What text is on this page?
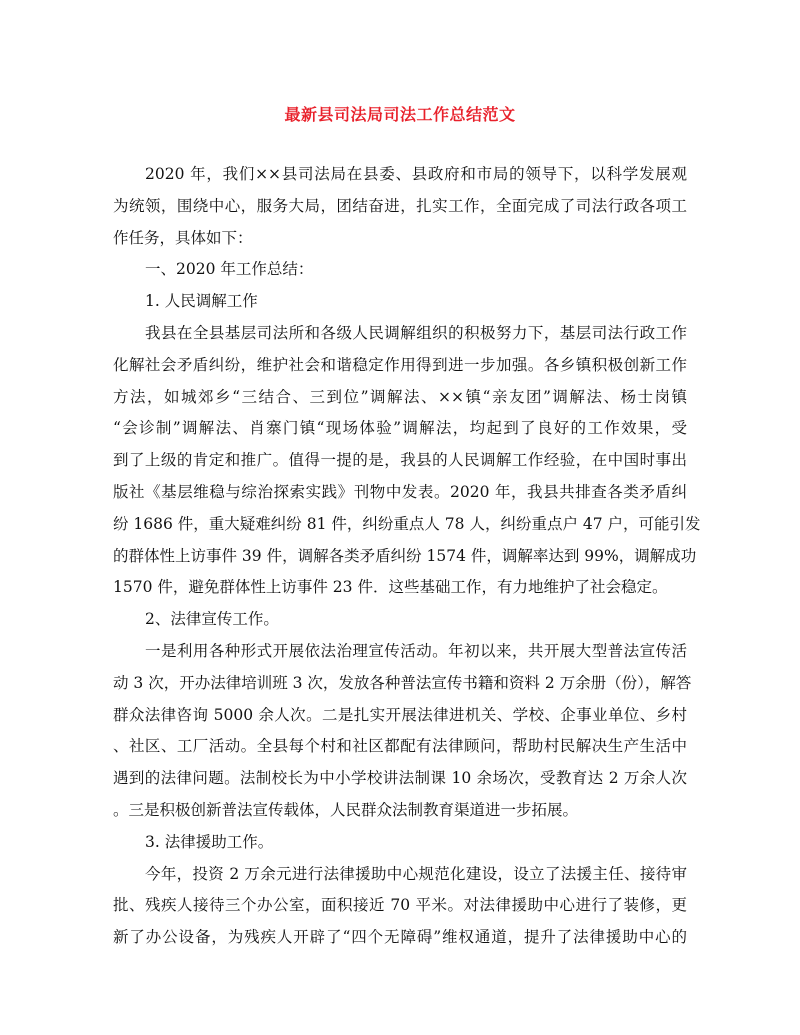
最新县司法局司法工作总结范文
2020 年，我们××县司法局在县委、县政府和市局的领导下，以科学发展观
为统领，围绕中心，服务大局，团结奋进，扎实工作，全面完成了司法行政各项工
作任务，具体如下：
一、2020 年工作总结：
1. 人民调解工作
我县在全县基层司法所和各级人民调解组织的积极努力下，基层司法行政工作
化解社会矛盾纠纷，维护社会和谐稳定作用得到进一步加强。各乡镇积极创新工作
方法，如城郊乡“三结合、三到位”调解法、××镇“亲友团”调解法、杨士岗镇
“会诊制”调解法、肖寨门镇“现场体验”调解法，均起到了良好的工作效果，受
到了上级的肯定和推广。值得一提的是，我县的人民调解工作经验，在中国时事出
版社《基层维稳与综治探索实践》刊物中发表。2020 年，我县共排查各类矛盾纠
纷 1686 件，重大疑难纠纷 81 件，纠纷重点人 78 人，纠纷重点户 47 户，可能引发
的群体性上访事件 39 件，调解各类矛盾纠纷 1574 件，调解率达到 99%，调解成功
1570 件，避免群体性上访事件 23 件．这些基础工作，有力地维护了社会稳定。
2、法律宣传工作。
一是利用各种形式开展依法治理宣传活动。年初以来，共开展大型普法宣传活
动 3 次，开办法律培训班 3 次，发放各种普法宣传书籍和资料 2 万余册（份），解答
群众法律咨询 5000 余人次。二是扎实开展法律进机关、学校、企事业单位、乡村
、社区、工厂活动。全县每个村和社区都配有法律顾问，帮助村民解决生产生活中
遇到的法律问题。法制校长为中小学校讲法制课 10 余场次，受教育达 2 万余人次
。三是积极创新普法宣传载体，人民群众法制教育渠道进一步拓展。
3. 法律援助工作。
今年，投资 2 万余元进行法律援助中心规范化建设，设立了法援主任、接待审
批、残疾人接待三个办公室，面积接近 70 平米。对法律援助中心进行了装修，更
新了办公设备，为残疾人开辟了“四个无障碍”维权通道，提升了法律援助中心的
